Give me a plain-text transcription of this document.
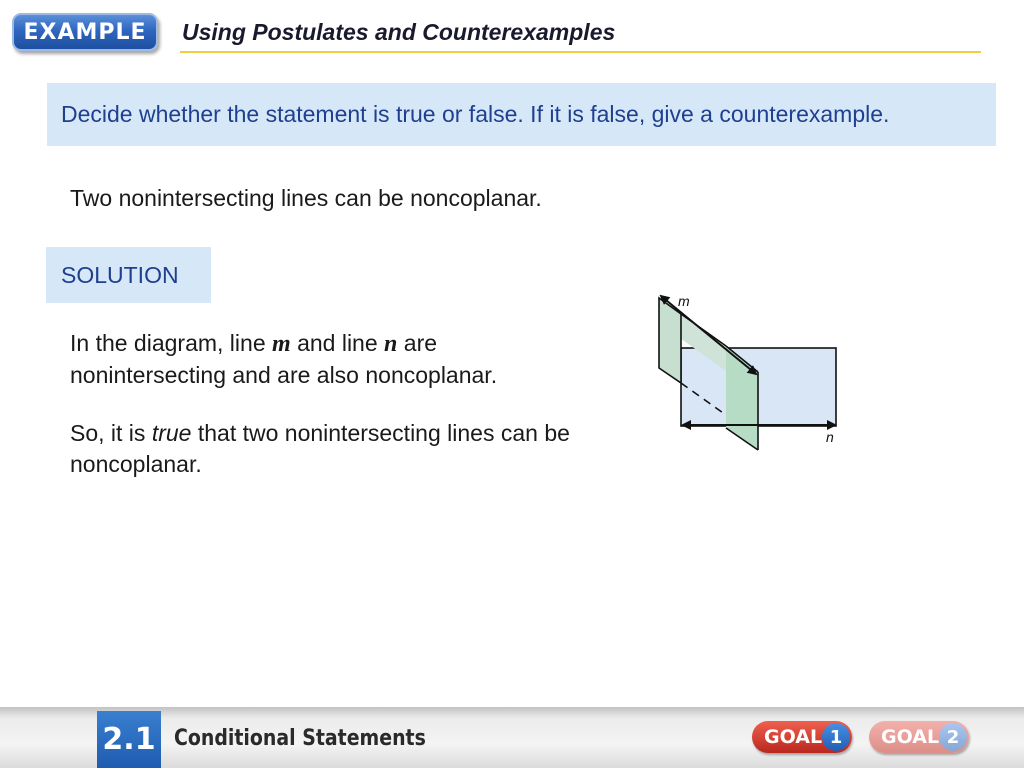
EXAMPLE	Using Postulates and Counterexamples
Decide whether the statement is true or false. If it is false, give a counterexample.
Two nonintersecting lines can be noncoplanar.
SOLUTION
In the diagram, line m and line n are nonintersecting and are also noncoplanar.
So, it is true that two nonintersecting lines can be noncoplanar.
m
n
2.1 Conditional Statements	GOAL 1	GOAL 2
